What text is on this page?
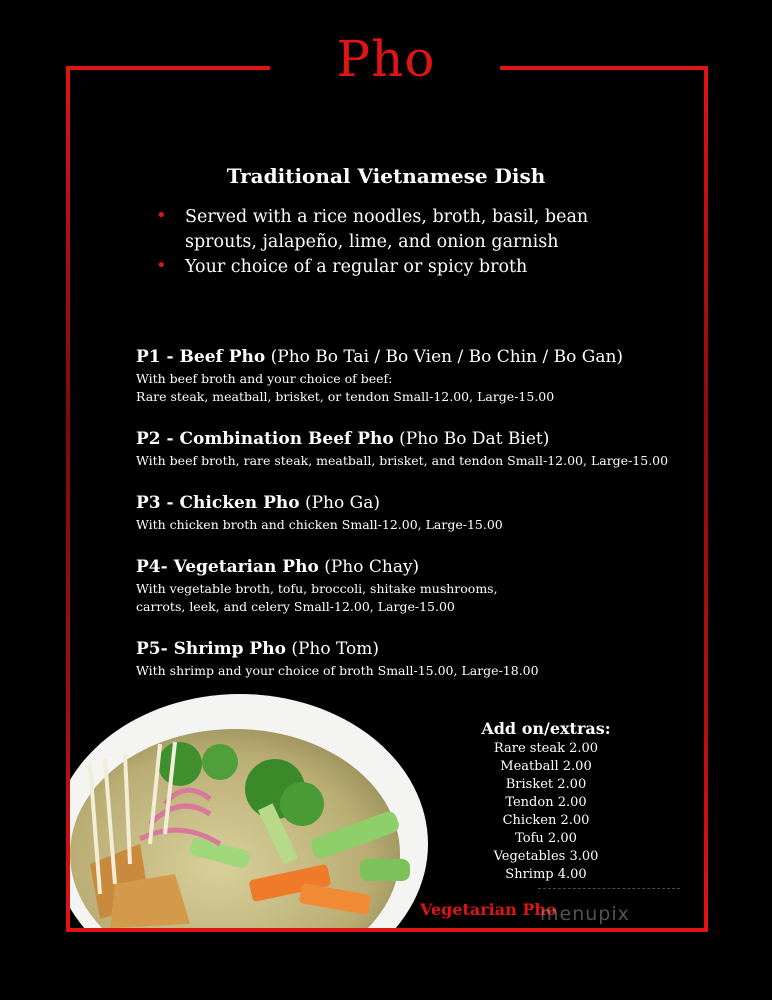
Pho
Traditional Vietnamese Dish
• Served with a rice noodles, broth, basil, bean sprouts, jalapeño, lime, and onion garnish
• Your choice of a regular or spicy broth
P1 - Beef Pho (Pho Bo Tai / Bo Vien / Bo Chin / Bo Gan)
With beef broth and your choice of beef:
Rare steak, meatball, brisket, or tendon Small-12.00, Large-15.00
P2 - Combination Beef Pho (Pho Bo Dat Biet)
With beef broth, rare steak, meatball, brisket, and tendon Small-12.00, Large-15.00
P3 - Chicken Pho (Pho Ga)
With chicken broth and chicken Small-12.00, Large-15.00
P4- Vegetarian Pho (Pho Chay)
With vegetable broth, tofu, broccoli, shitake mushrooms,
carrots, leek, and celery Small-12.00, Large-15.00
P5- Shrimp Pho (Pho Tom)
With shrimp and your choice of broth Small-15.00, Large-18.00
Add on/extras:
Rare steak 2.00
Meatball 2.00
Brisket 2.00
Tendon 2.00
Chicken 2.00
Tofu 2.00
Vegetables 3.00
Shrimp 4.00
Vegetarian Pho
menupix
